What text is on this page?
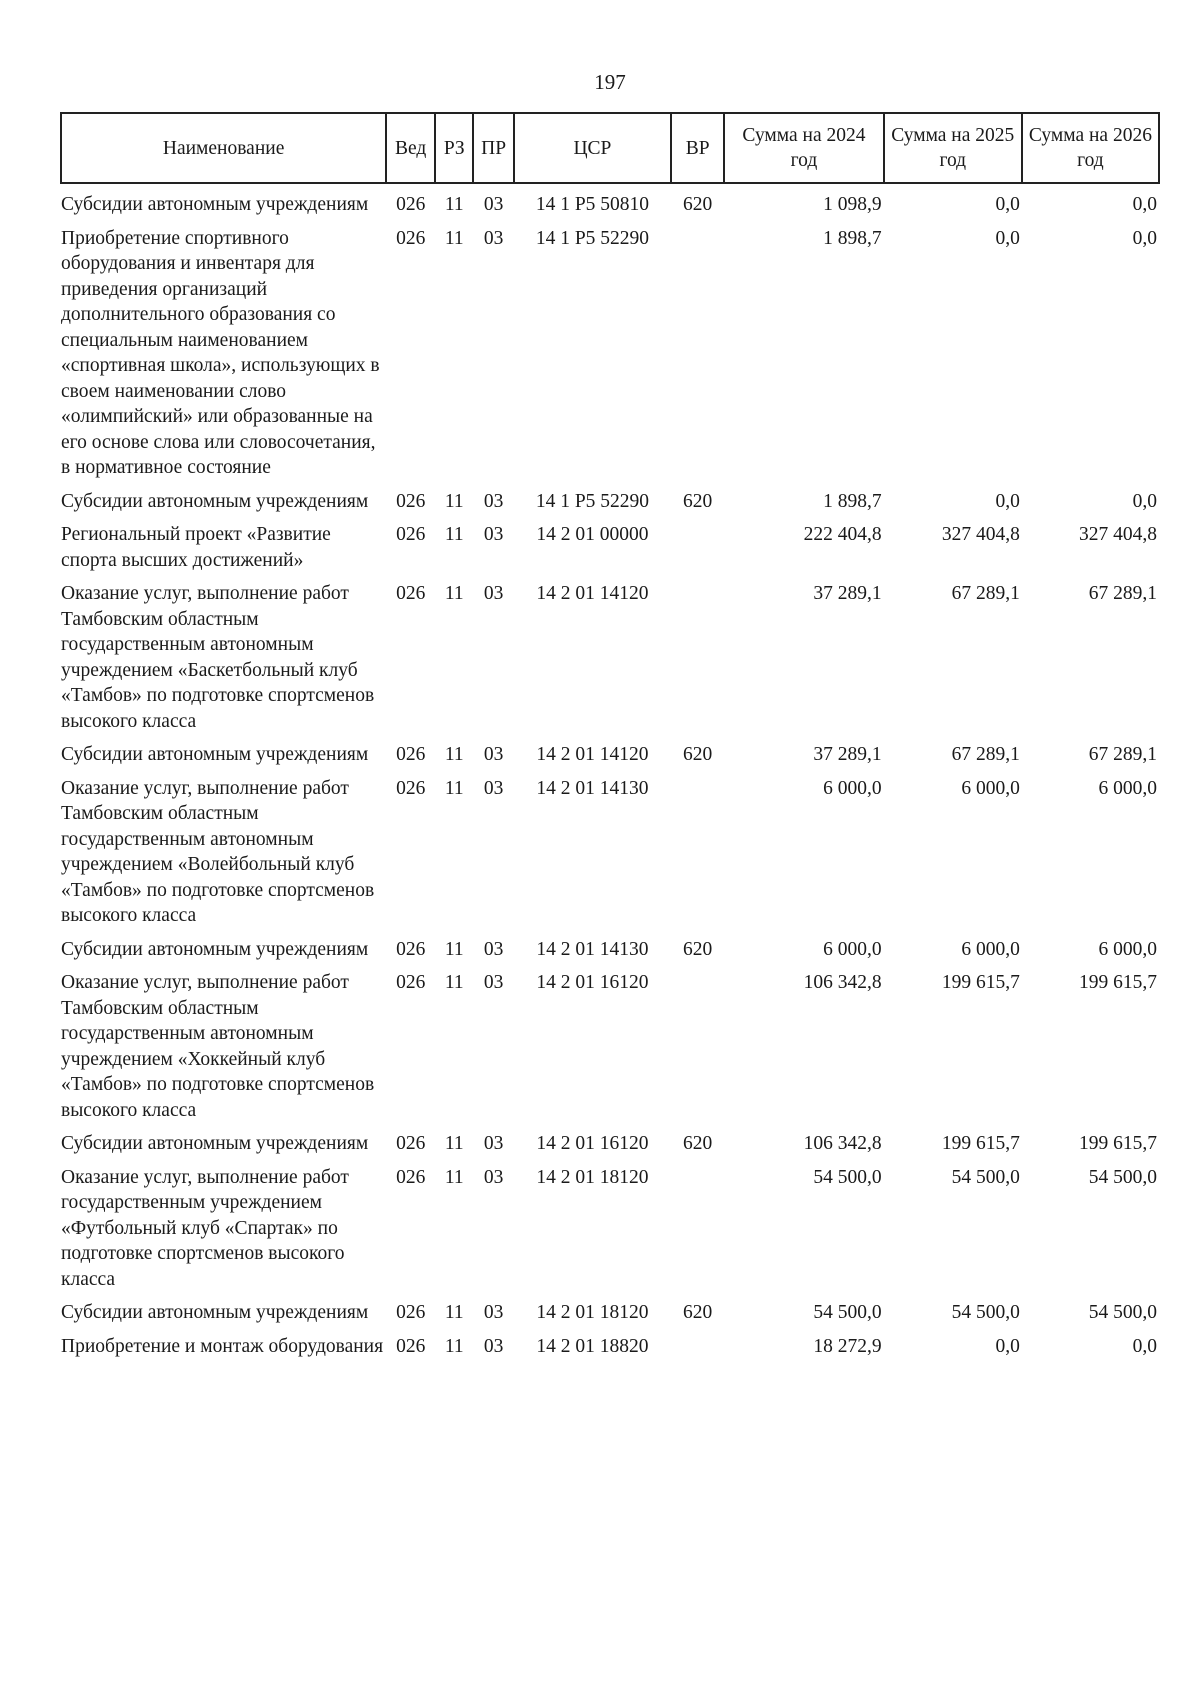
197
Наименование	Вед	РЗ	ПР	ЦСР	ВР	Сумма на 2024 год	Сумма на 2025 год	Сумма на 2026 год
Субсидии автономным учреждениям	026	11	03	14 1 Р5 50810	620	1 098,9	0,0	0,0
Приобретение спортивного оборудования и инвентаря для приведения организаций дополнительного образования со специальным наименованием «спортивная школа», использующих в своем наименовании слово «олимпийский» или образованные на его основе слова или словосочетания, в нормативное состояние	026	11	03	14 1 Р5 52290		1 898,7	0,0	0,0
Субсидии автономным учреждениям	026	11	03	14 1 Р5 52290	620	1 898,7	0,0	0,0
Региональный проект «Развитие спорта высших достижений»	026	11	03	14 2 01 00000		222 404,8	327 404,8	327 404,8
Оказание услуг, выполнение работ Тамбовским областным государственным автономным учреждением «Баскетбольный клуб «Тамбов» по подготовке спортсменов высокого класса	026	11	03	14 2 01 14120		37 289,1	67 289,1	67 289,1
Субсидии автономным учреждениям	026	11	03	14 2 01 14120	620	37 289,1	67 289,1	67 289,1
Оказание услуг, выполнение работ Тамбовским областным государственным автономным учреждением «Волейбольный клуб «Тамбов» по подготовке спортсменов высокого класса	026	11	03	14 2 01 14130		6 000,0	6 000,0	6 000,0
Субсидии автономным учреждениям	026	11	03	14 2 01 14130	620	6 000,0	6 000,0	6 000,0
Оказание услуг, выполнение работ Тамбовским областным государственным автономным учреждением «Хоккейный клуб «Тамбов» по подготовке спортсменов высокого класса	026	11	03	14 2 01 16120		106 342,8	199 615,7	199 615,7
Субсидии автономным учреждениям	026	11	03	14 2 01 16120	620	106 342,8	199 615,7	199 615,7
Оказание услуг, выполнение работ государственным учреждением «Футбольный клуб «Спартак» по подготовке спортсменов высокого класса	026	11	03	14 2 01 18120		54 500,0	54 500,0	54 500,0
Субсидии автономным учреждениям	026	11	03	14 2 01 18120	620	54 500,0	54 500,0	54 500,0
Приобретение и монтаж оборудования	026	11	03	14 2 01 18820		18 272,9	0,0	0,0
